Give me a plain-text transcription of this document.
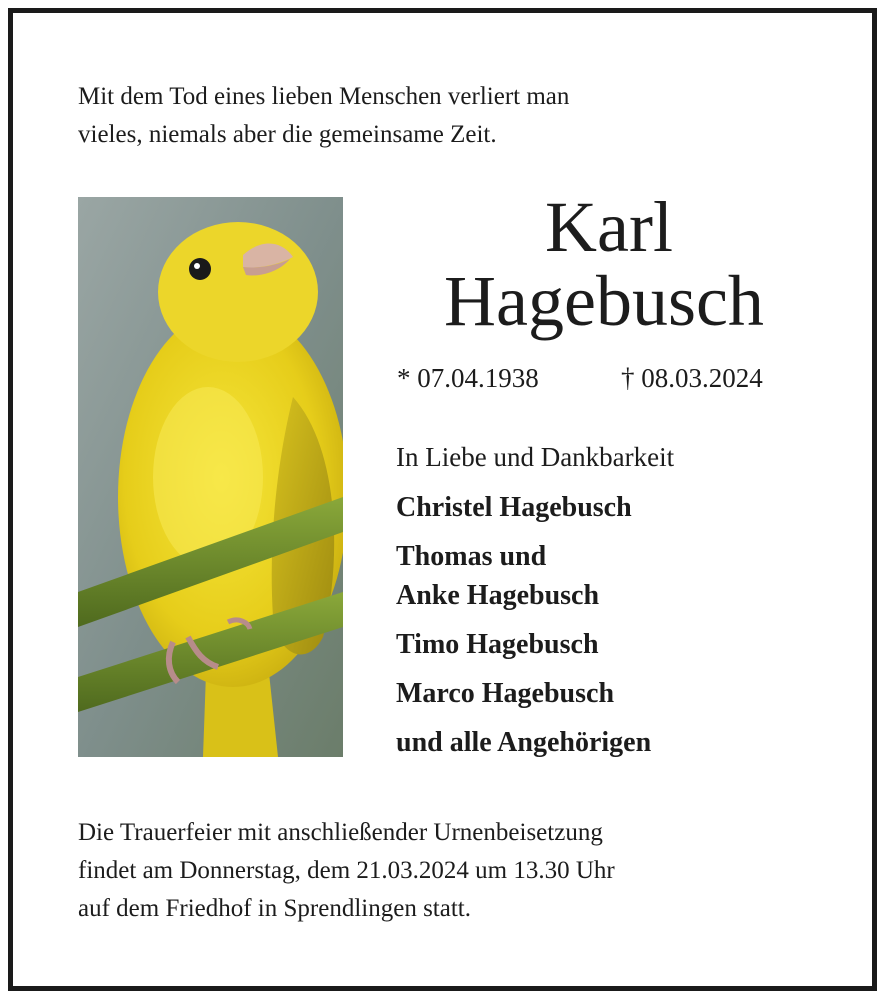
Mit dem Tod eines lieben Menschen verliert man
vieles, niemals aber die gemeinsame Zeit.
Karl
Hagebusch
* 07.04.1938	† 08.03.2024
In Liebe und Dankbarkeit
Christel Hagebusch
Thomas und
Anke Hagebusch
Timo Hagebusch
Marco Hagebusch
und alle Angehörigen
Die Trauerfeier mit anschließender Urnenbeisetzung
findet am Donnerstag, dem 21.03.2024 um 13.30 Uhr
auf dem Friedhof in Sprendlingen statt.
